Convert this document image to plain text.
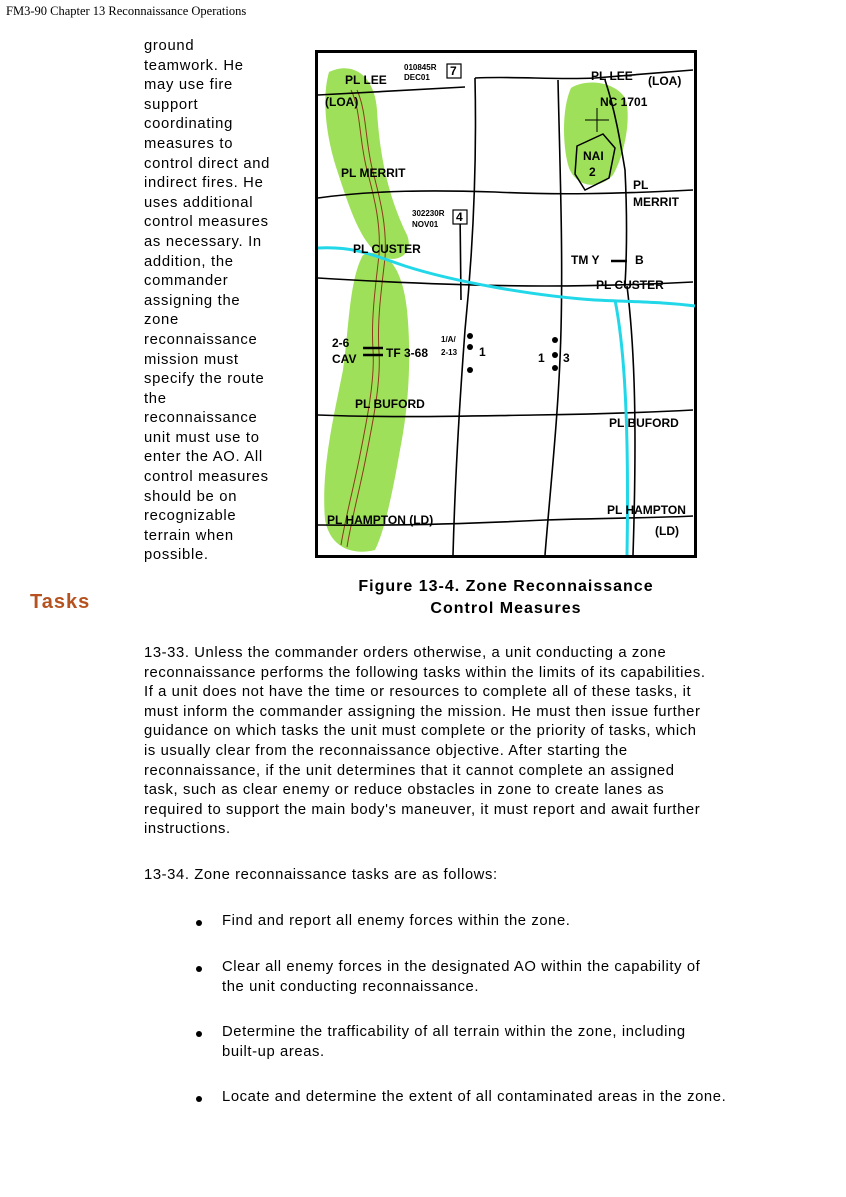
FM3-90 Chapter 13 Reconnaissance Operations
ground
teamwork. He
may use fire
support
coordinating
measures to
control direct and
indirect fires. He
uses additional
control measures
as necessary. In
addition, the
commander
assigning the
zone
reconnaissance
mission must
specify the route
the
reconnaissance
unit must use to
enter the AO. All
control measures
should be on
recognizable
terrain when
possible.
PL LEE
(LOA)
010845R
DEC01 7	PL LEE (LOA)
NC 1701
NAI
2
PL MERRIT
PL
MERRIT
302230R
NOV01
4
PL CUSTER
TM Y	B
PL CUSTER
2-6
CAV TF 3-68
1/A/
2-13 1	1 3
PL BUFORD
PL BUFORD
PL HAMPTON (LD)
PL HAMPTON
(LD)
Figure 13-4. Zone Reconnaissance
Control Measures
Tasks
13-33. Unless the commander orders otherwise, a unit conducting a zone
reconnaissance performs the following tasks within the limits of its capabilities.
If a unit does not have the time or resources to complete all of these tasks, it
must inform the commander assigning the mission. He must then issue further
guidance on which tasks the unit must complete or the priority of tasks, which
is usually clear from the reconnaissance objective. After starting the
reconnaissance, if the unit determines that it cannot complete an assigned
task, such as clear enemy or reduce obstacles in zone to create lanes as
required to support the main body's maneuver, it must report and await further
instructions.
13-34. Zone reconnaissance tasks are as follows:
Find and report all enemy forces within the zone.
Clear all enemy forces in the designated AO within the capability of
the unit conducting reconnaissance.
Determine the trafficability of all terrain within the zone, including
built-up areas.
Locate and determine the extent of all contaminated areas in the zone.
